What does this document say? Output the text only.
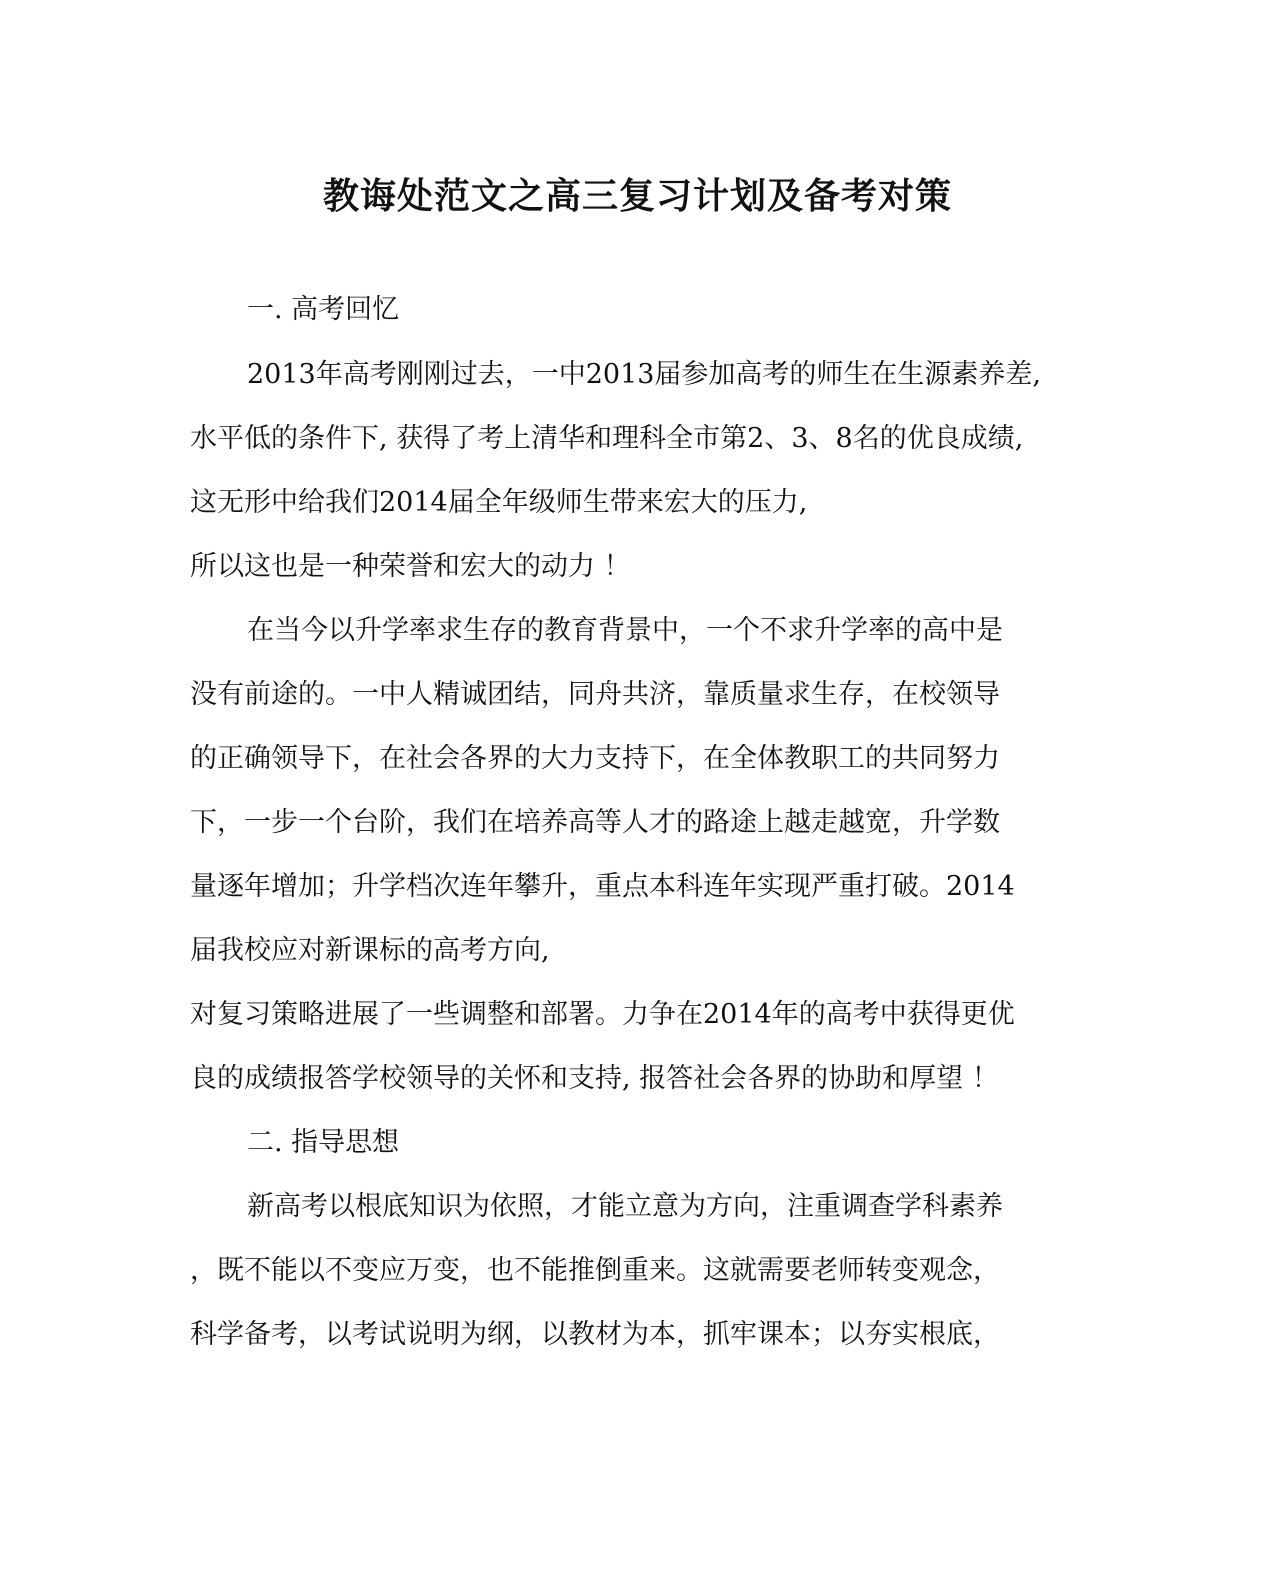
教诲处范文之高三复习计划及备考对策

一. 高考回忆

2013年高考刚刚过去，一中2013届参加高考的师生在生源素养差,

水平低的条件下, 获得了考上清华和理科全市第2、3、8名的优良成绩,

这无形中给我们2014届全年级师生带来宏大的压力,

所以这也是一种荣誉和宏大的动力 ！

在当今以升学率求生存的教育背景中，一个不求升学率的高中是

没有前途的。一中人精诚团结，同舟共济，靠质量求生存，在校领导

的正确领导下，在社会各界的大力支持下，在全体教职工的共同努力

下，一步一个台阶，我们在培养高等人才的路途上越走越宽，升学数

量逐年增加；升学档次连年攀升，重点本科连年实现严重打破。2014

届我校应对新课标的高考方向,

对复习策略进展了一些调整和部署。力争在2014年的高考中获得更优

良的成绩报答学校领导的关怀和支持, 报答社会各界的协助和厚望 ！

二. 指导思想

新高考以根底知识为依照，才能立意为方向，注重调查学科素养

，既不能以不变应万变，也不能推倒重来。这就需要老师转变观念，

科学备考，以考试说明为纲，以教材为本，抓牢课本；以夯实根底，
